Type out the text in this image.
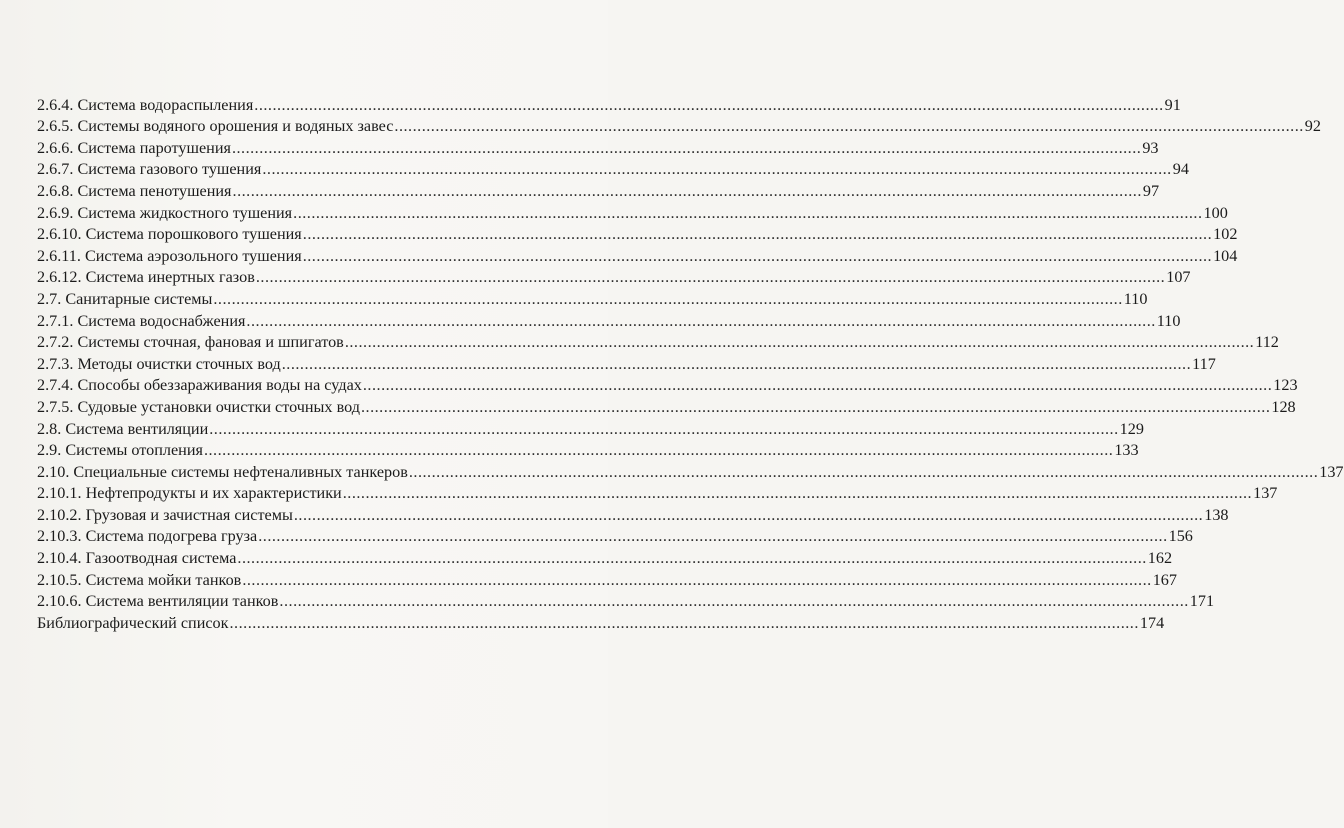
2.6.4. Система водораспыления ........................................................................................................................................................................................................ 91
2.6.5. Системы водяного орошения и водяных завес ........................................................................................................................................................................................................ 92
2.6.6. Система паротушения ........................................................................................................................................................................................................ 93
2.6.7. Система газового тушения ........................................................................................................................................................................................................ 94
2.6.8. Система пенотушения ........................................................................................................................................................................................................ 97
2.6.9. Система жидкостного тушения ........................................................................................................................................................................................................ 100
2.6.10. Система порошкового тушения ........................................................................................................................................................................................................ 102
2.6.11. Система аэрозольного тушения ........................................................................................................................................................................................................ 104
2.6.12. Система инертных газов ........................................................................................................................................................................................................ 107
2.7. Санитарные системы ........................................................................................................................................................................................................ 110
2.7.1. Система водоснабжения ........................................................................................................................................................................................................ 110
2.7.2. Системы сточная, фановая и шпигатов ........................................................................................................................................................................................................ 112
2.7.3. Методы очистки сточных вод ........................................................................................................................................................................................................ 117
2.7.4. Способы обеззараживания воды на судах ........................................................................................................................................................................................................ 123
2.7.5. Судовые установки очистки сточных вод ........................................................................................................................................................................................................ 128
2.8. Система вентиляции ........................................................................................................................................................................................................ 129
2.9. Системы отопления ........................................................................................................................................................................................................ 133
2.10. Специальные системы нефтеналивных танкеров ........................................................................................................................................................................................................ 137
2.10.1. Нефтепродукты и их характеристики ........................................................................................................................................................................................................ 137
2.10.2. Грузовая и зачистная системы ........................................................................................................................................................................................................ 138
2.10.3. Система подогрева груза ........................................................................................................................................................................................................ 156
2.10.4. Газоотводная система ........................................................................................................................................................................................................ 162
2.10.5. Система мойки танков ........................................................................................................................................................................................................ 167
2.10.6. Система вентиляции танков ........................................................................................................................................................................................................ 171
Библиографический список ........................................................................................................................................................................................................ 174
